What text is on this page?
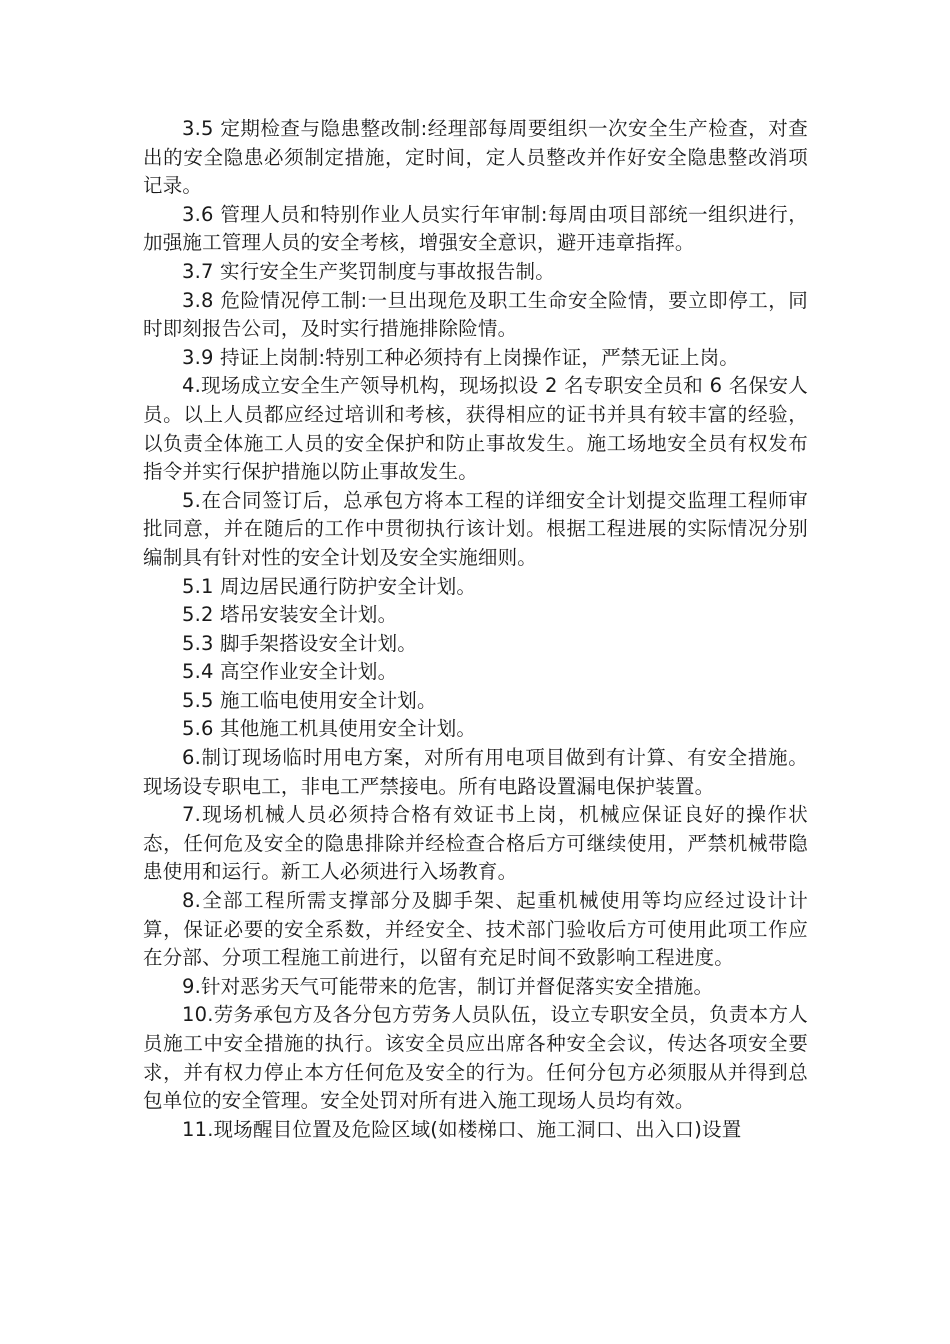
3.5 定期检查与隐患整改制:经理部每周要组织一次安全生产检查，对查出的安全隐患必须制定措施，定时间，定人员整改并作好安全隐患整改消项记录。

3.6 管理人员和特别作业人员实行年审制:每周由项目部统一组织进行，加强施工管理人员的安全考核，增强安全意识，避开违章指挥。

3.7 实行安全生产奖罚制度与事故报告制。

3.8 危险情况停工制:一旦出现危及职工生命安全险情，要立即停工，同时即刻报告公司，及时实行措施排除险情。

3.9 持证上岗制:特别工种必须持有上岗操作证，严禁无证上岗。

4.现场成立安全生产领导机构，现场拟设 2 名专职安全员和 6 名保安人员。以上人员都应经过培训和考核，获得相应的证书并具有较丰富的经验，以负责全体施工人员的安全保护和防止事故发生。施工场地安全员有权发布指令并实行保护措施以防止事故发生。

5.在合同签订后，总承包方将本工程的详细安全计划提交监理工程师审批同意，并在随后的工作中贯彻执行该计划。根据工程进展的实际情况分别编制具有针对性的安全计划及安全实施细则。

5.1 周边居民通行防护安全计划。

5.2 塔吊安装安全计划。

5.3 脚手架搭设安全计划。

5.4 高空作业安全计划。

5.5 施工临电使用安全计划。

5.6 其他施工机具使用安全计划。

6.制订现场临时用电方案，对所有用电项目做到有计算、有安全措施。现场设专职电工，非电工严禁接电。所有电路设置漏电保护装置。

7.现场机械人员必须持合格有效证书上岗，机械应保证良好的操作状态，任何危及安全的隐患排除并经检查合格后方可继续使用，严禁机械带隐患使用和运行。新工人必须进行入场教育。

8.全部工程所需支撑部分及脚手架、起重机械使用等均应经过设计计算，保证必要的安全系数，并经安全、技术部门验收后方可使用此项工作应在分部、分项工程施工前进行，以留有充足时间不致影响工程进度。

9.针对恶劣天气可能带来的危害，制订并督促落实安全措施。

10.劳务承包方及各分包方劳务人员队伍，设立专职安全员，负责本方人员施工中安全措施的执行。该安全员应出席各种安全会议，传达各项安全要求，并有权力停止本方任何危及安全的行为。任何分包方必须服从并得到总包单位的安全管理。安全处罚对所有进入施工现场人员均有效。

11.现场醒目位置及危险区域(如楼梯口、施工洞口、出入口)设置
